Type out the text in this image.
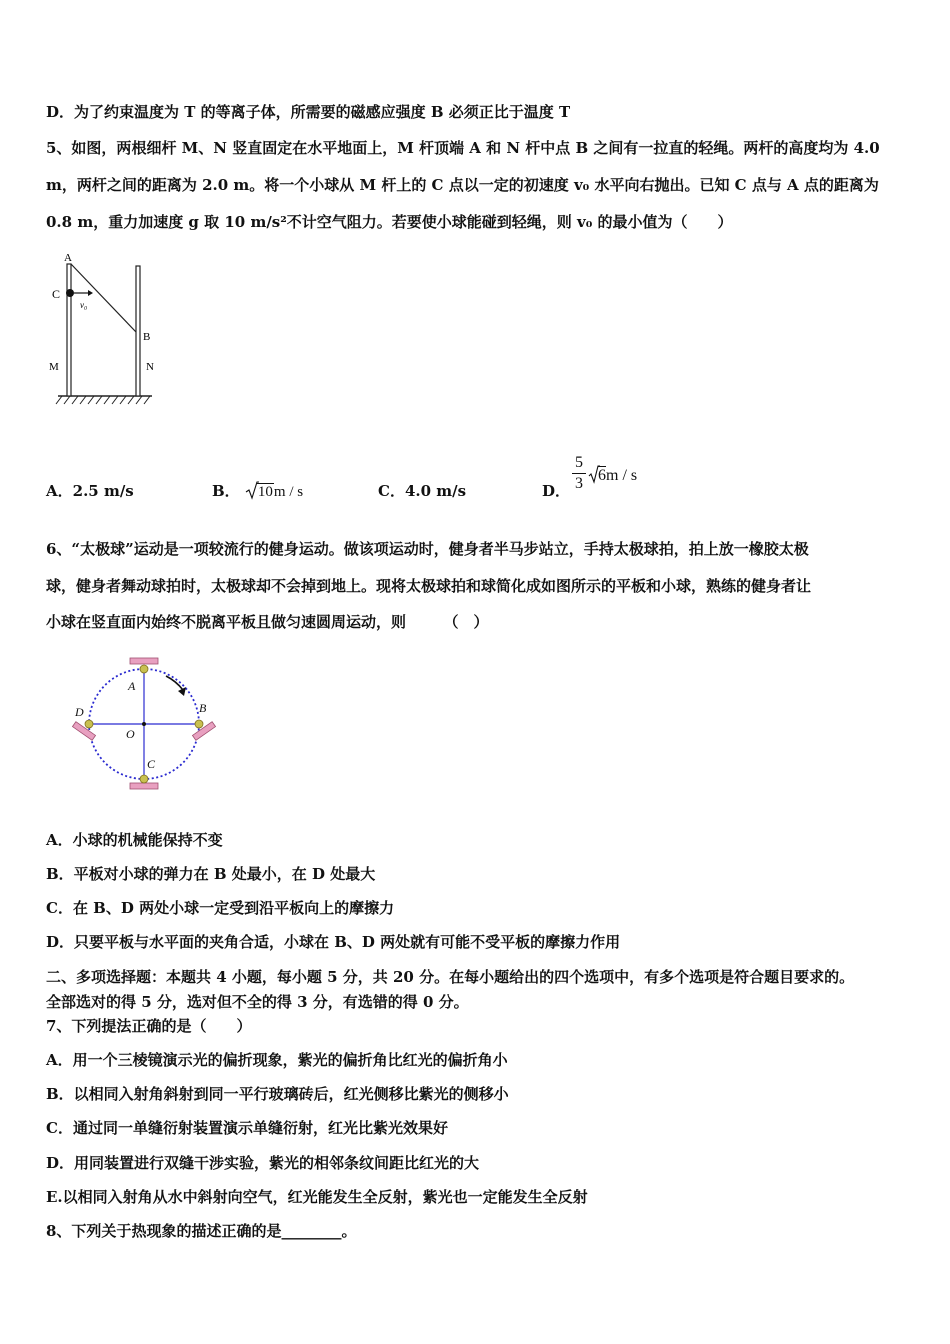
D．为了约束温度为 T 的等离子体，所需要的磁感应强度 B 必须正比于温度 T
5、如图，两根细杆 M、N 竖直固定在水平地面上，M 杆顶端 A 和 N 杆中点 B 之间有一拉直的轻绳。两杆的高度均为 4.0
m，两杆之间的距离为 2.0 m。将一个小球从 M 杆上的 C 点以一定的初速度 v₀ 水平向右抛出。已知 C 点与 A 点的距离为
0.8 m，重力加速度 g 取 10 m/s²不计空气阻力。若要使小球能碰到轻绳，则 v₀ 的最小值为（　　）
A
C
v₀
B
M	N
A．2.5 m/s	B． 10m / s	C．4.0 m/s	D．
5
3 6m / s
6、“太极球”运动是一项较流行的健身运动。做该项运动时，健身者半马步站立，手持太极球拍，拍上放一橡胶太极
球，健身者舞动球拍时，太极球却不会掉到地上。现将太极球拍和球简化成如图所示的平板和小球，熟练的健身者让
小球在竖直面内始终不脱离平板且做匀速圆周运动，则　　　（　）
A
B
C
D
O
A．小球的机械能保持不变
B．平板对小球的弹力在 B 处最小，在 D 处最大
C．在 B、D 两处小球一定受到沿平板向上的摩擦力
D．只要平板与水平面的夹角合适，小球在 B、D 两处就有可能不受平板的摩擦力作用
二、多项选择题：本题共 4 小题，每小题 5 分，共 20 分。在每小题给出的四个选项中，有多个选项是符合题目要求的。
全部选对的得 5 分，选对但不全的得 3 分，有选错的得 0 分。
7、下列提法正确的是（　　）
A．用一个三棱镜演示光的偏折现象，紫光的偏折角比红光的偏折角小
B．以相同入射角斜射到同一平行玻璃砖后，红光侧移比紫光的侧移小
C．通过同一单缝衍射装置演示单缝衍射，红光比紫光效果好
D．用同装置进行双缝干涉实验，紫光的相邻条纹间距比红光的大
E.以相同入射角从水中斜射向空气，红光能发生全反射，紫光也一定能发生全反射
8、下列关于热现象的描述正确的是________。
